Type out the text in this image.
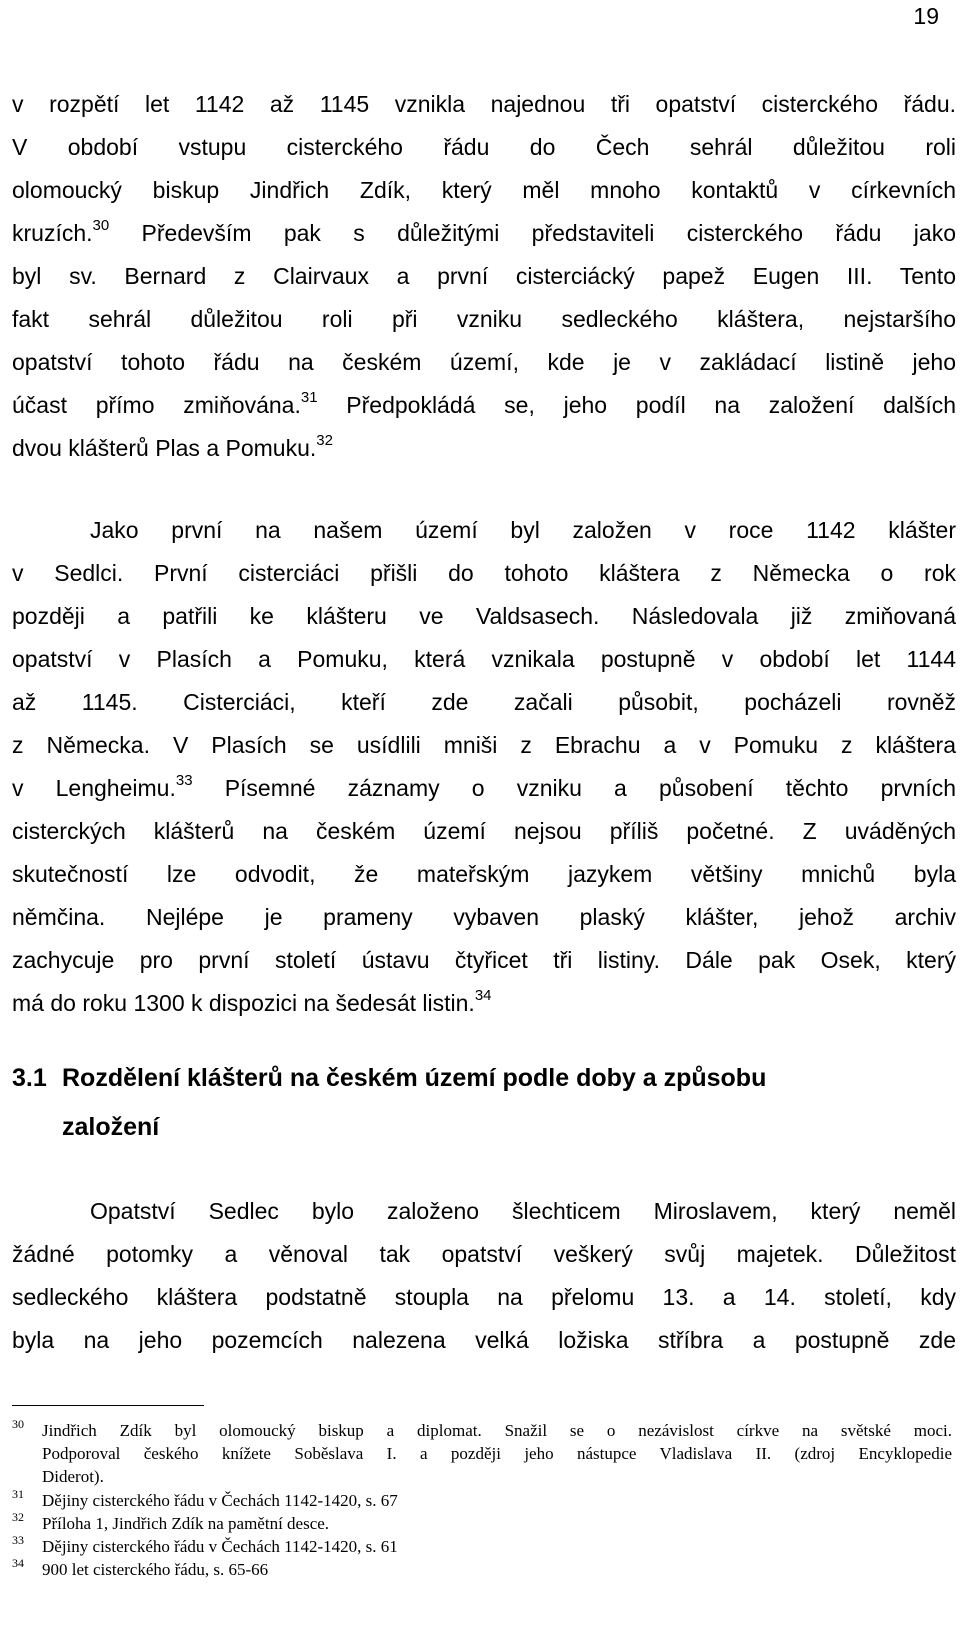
19
v rozpětí let 1142 až 1145 vznikla najednou tři opatství cisterckého řádu.
V období vstupu cisterckého řádu do Čech sehrál důležitou roli
olomoucký biskup Jindřich Zdík, který měl mnoho kontaktů v církevních
kruzích.$^{30}$ Především pak s důležitými představiteli cisterckého řádu jako
byl sv. Bernard z Clairvaux a první cisterciácký papež Eugen III. Tento
fakt sehrál důležitou roli při vzniku sedleckého kláštera, nejstaršího
opatství tohoto řádu na českém území, kde je v zakládací listině jeho
účast přímo zmiňována.$^{31}$ Předpokládá se, jeho podíl na založení dalších
dvou klášterů Plas a Pomuku.$^{32}$
Jako první na našem území byl založen v roce 1142 klášter
v Sedlci. První cisterciáci přišli do tohoto kláštera z Německa o rok
později a patřili ke klášteru ve Valdsasech. Následovala již zmiňovaná
opatství v Plasích a Pomuku, která vznikala postupně v období let 1144
až 1145. Cisterciáci, kteří zde začali působit, pocházeli rovněž
z Německa. V Plasích se usídlili mniši z Ebrachu a v Pomuku z kláštera
v Lengheimu.$^{33}$ Písemné záznamy o vzniku a působení těchto prvních
cisterckých klášterů na českém území nejsou příliš početné. Z uváděných
skutečností lze odvodit, že mateřským jazykem většiny mnichů byla
němčina. Nejlépe je prameny vybaven plaský klášter, jehož archiv
zachycuje pro první století ústavu čtyřicet tři listiny. Dále pak Osek, který
má do roku 1300 k dispozici na šedesát listin.$^{34}$
3.1 Rozdělení klášterů na českém území podle doby a způsobu
založení
Opatství Sedlec bylo založeno šlechticem Miroslavem, který neměl
žádné potomky a věnoval tak opatství veškerý svůj majetek. Důležitost
sedleckého kláštera podstatně stoupla na přelomu 13. a 14. století, kdy
byla na jeho pozemcích nalezena velká ložiska stříbra a postupně zde
30 Jindřich Zdík byl olomoucký biskup a diplomat. Snažil se o nezávislost církve na světské moci.
Podporoval českého knížete Soběslava I. a později jeho nástupce Vladislava II. (zdroj Encyklopedie
Diderot).
31 Dějiny cisterckého řádu v Čechách 1142-1420, s. 67
32 Příloha 1, Jindřich Zdík na pamětní desce.
33 Dějiny cisterckého řádu v Čechách 1142-1420, s. 61
34 900 let cisterckého řádu, s. 65-66
